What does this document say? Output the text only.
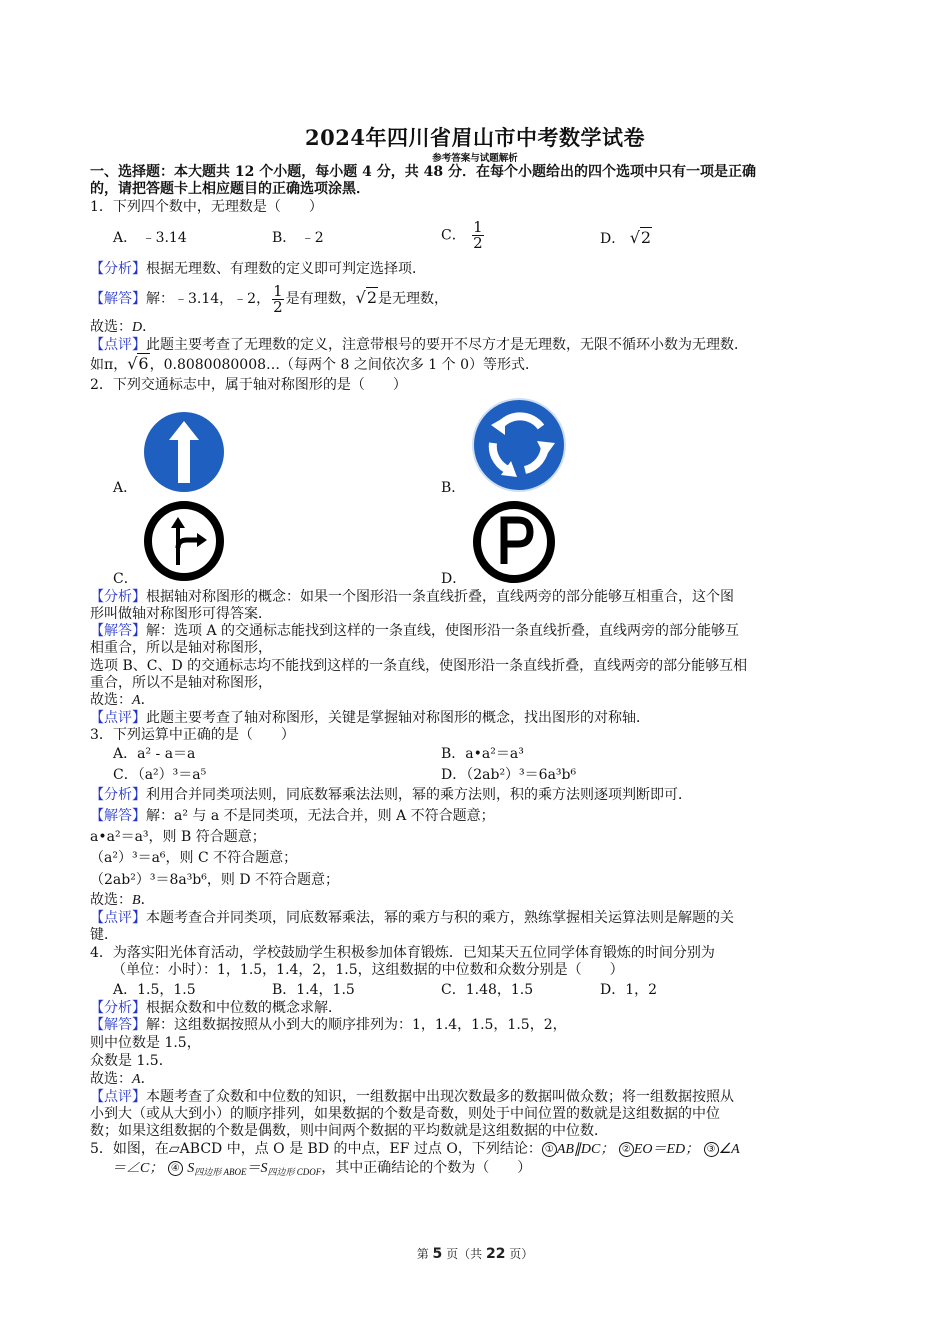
2024年四川省眉山市中考数学试卷
参考答案与试题解析
一、选择题：本大题共 12 个小题，每小题 4 分，共 48 分．在每个小题给出的四个选项中只有一项是正确
的，请把答题卡上相应题目的正确选项涂黑．
1．下列四个数中，无理数是（　　）
A． ﹣3.14	B． ﹣2	C． $\frac{1}{2}$	D． √2
【分析】根据无理数、有理数的定义即可判定选择项．
【解答】解：﹣3.14，﹣2， $\frac{1}{2}$ 是有理数，√2是无理数，
故选：D．
【点评】此题主要考查了无理数的定义，注意带根号的要开不尽方才是无理数，无限不循环小数为无理数．
如π，√6，0.8080080008…（每两个 8 之间依次多 1 个 0）等形式．
2．下列交通标志中，属于轴对称图形的是（　　）
A．	B．
C．	D．
【分析】根据轴对称图形的概念：如果一个图形沿一条直线折叠，直线两旁的部分能够互相重合，这个图
形叫做轴对称图形可得答案．
【解答】解：选项 A 的交通标志能找到这样的一条直线，使图形沿一条直线折叠，直线两旁的部分能够互
相重合，所以是轴对称图形，
选项 B、C、D 的交通标志均不能找到这样的一条直线，使图形沿一条直线折叠，直线两旁的部分能够互相
重合，所以不是轴对称图形，
故选：A．
【点评】此题主要考查了轴对称图形，关键是掌握轴对称图形的概念，找出图形的对称轴．
3．下列运算中正确的是（　　）
A．a² - a＝a	B．a•a²＝a³
C．（a²）³＝a⁵	D．（2ab²）³＝6a³b⁶
【分析】利用合并同类项法则，同底数幂乘法法则，幂的乘方法则，积的乘方法则逐项判断即可．
【解答】解：a² 与 a 不是同类项，无法合并，则 A 不符合题意；
a•a²＝a³，则 B 符合题意；
（a²）³＝a⁶，则 C 不符合题意；
（2ab²）³＝8a³b⁶，则 D 不符合题意；
故选：B．
【点评】本题考查合并同类项，同底数幂乘法，幂的乘方与积的乘方，熟练掌握相关运算法则是解题的关
键．
4．为落实阳光体育活动，学校鼓励学生积极参加体育锻炼．已知某天五位同学体育锻炼的时间分别为
（单位：小时）：1，1.5，1.4，2，1.5，这组数据的中位数和众数分别是（　　）
A．1.5，1.5	B．1.4，1.5	C．1.48，1.5	D．1，2
【分析】根据众数和中位数的概念求解．
【解答】解：这组数据按照从小到大的顺序排列为：1，1.4，1.5，1.5，2，
则中位数是 1.5，
众数是 1.5．
故选：A．
【点评】本题考查了众数和中位数的知识，一组数据中出现次数最多的数据叫做众数；将一组数据按照从
小到大（或从大到小）的顺序排列，如果数据的个数是奇数，则处于中间位置的数就是这组数据的中位
数；如果这组数据的个数是偶数，则中间两个数据的平均数就是这组数据的中位数．
5．如图，在▱ABCD 中，点 O 是 BD 的中点，EF 过点 O，下列结论： ① AB∥DC； ② EO＝ED； ③ ∠A
＝∠C； ④ $S_{四边形 ABOE}=S_{四边形 CDOF}$，其中正确结论的个数为（　　）
第 5 页（共 22 页）
